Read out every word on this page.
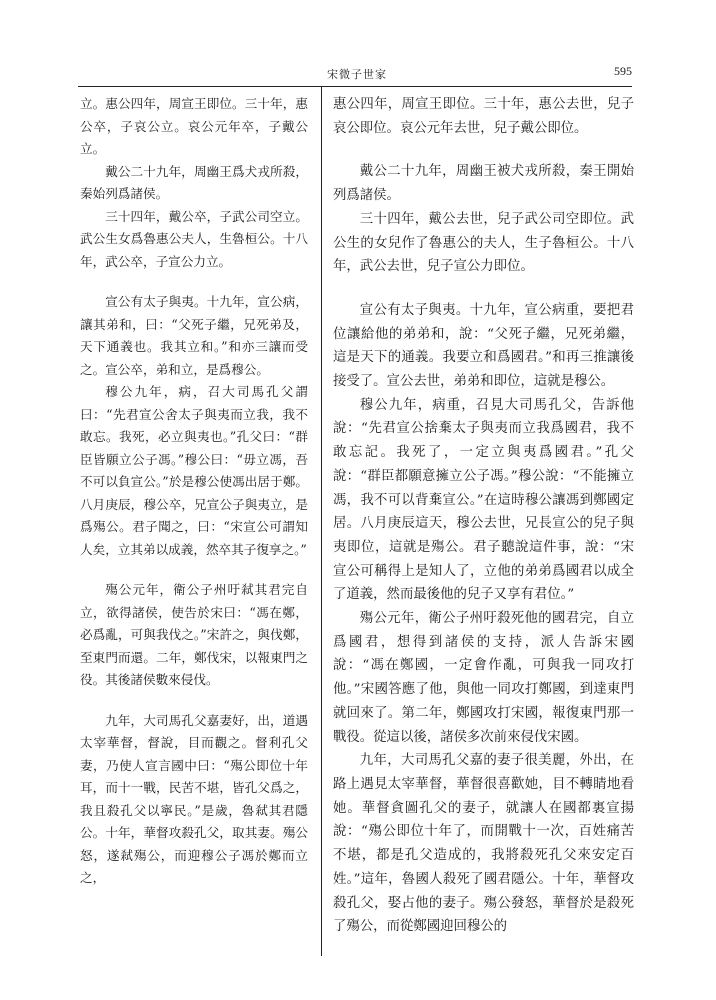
宋微子世家	595

立。惠公四年，周宣王即位。三十年，惠公卒，子哀公立。哀公元年卒，子戴公立。

戴公二十九年，周幽王爲犬戎所殺，秦始列爲諸侯。

三十四年，戴公卒，子武公司空立。武公生女爲魯惠公夫人，生魯桓公。十八年，武公卒，子宣公力立。

宣公有太子與夷。十九年，宣公病，讓其弟和，曰：“父死子繼，兄死弟及，天下通義也。我其立和。”和亦三讓而受之。宣公卒，弟和立，是爲穆公。

穆公九年，病，召大司馬孔父謂曰：“先君宣公舍太子與夷而立我，我不敢忘。我死，必立與夷也。”孔父曰：“群臣皆願立公子馮。”穆公曰：“毋立馮，吾不可以負宣公。”於是穆公使馮出居于鄭。八月庚辰，穆公卒，兄宣公子與夷立，是爲殤公。君子聞之，曰：“宋宣公可謂知人矣，立其弟以成義，然卒其子復享之。”

殤公元年，衛公子州吁弒其君完自立，欲得諸侯，使告於宋曰：“馮在鄭，必爲亂，可與我伐之。”宋許之，與伐鄭，至東門而還。二年，鄭伐宋，以報東門之役。其後諸侯數來侵伐。

九年，大司馬孔父嘉妻好，出，道遇太宰華督，督說，目而觀之。督利孔父妻，乃使人宣言國中曰：“殤公即位十年耳，而十一戰，民苦不堪，皆孔父爲之，我且殺孔父以寧民。”是歲，魯弒其君隱公。十年，華督攻殺孔父，取其妻。殤公怒，遂弒殤公，而迎穆公子馮於鄭而立之，

惠公四年，周宣王即位。三十年，惠公去世，兒子哀公即位。哀公元年去世，兒子戴公即位。

戴公二十九年，周幽王被犬戎所殺，秦王開始列爲諸侯。

三十四年，戴公去世，兒子武公司空即位。武公生的女兒作了魯惠公的夫人，生子魯桓公。十八年，武公去世，兒子宣公力即位。

宣公有太子與夷。十九年，宣公病重，要把君位讓給他的弟弟和，說：“父死子繼，兄死弟繼，這是天下的通義。我要立和爲國君。”和再三推讓後接受了。宣公去世，弟弟和即位，這就是穆公。

穆公九年，病重，召見大司馬孔父，告訴他說：“先君宣公捨棄太子與夷而立我爲國君，我不敢忘記。我死了，一定立與夷爲國君。”孔父說：“群臣都願意擁立公子馮。”穆公說：“不能擁立馮，我不可以背棄宣公。”在這時穆公讓馮到鄭國定居。八月庚辰這天，穆公去世，兄長宣公的兒子與夷即位，這就是殤公。君子聽說這件事，說：“宋宣公可稱得上是知人了，立他的弟弟爲國君以成全了道義，然而最後他的兒子又享有君位。”

殤公元年，衛公子州吁殺死他的國君完，自立爲國君，想得到諸侯的支持，派人告訴宋國說：“馮在鄭國，一定會作亂，可與我一同攻打他。”宋國答應了他，與他一同攻打鄭國，到達東門就回來了。第二年，鄭國攻打宋國，報復東門那一戰役。從這以後，諸侯多次前來侵伐宋國。

九年，大司馬孔父嘉的妻子很美麗，外出，在路上遇見太宰華督，華督很喜歡她，目不轉睛地看她。華督貪圖孔父的妻子，就讓人在國都裏宣揚說：“殤公即位十年了，而開戰十一次，百姓痛苦不堪，都是孔父造成的，我將殺死孔父來安定百姓。”這年，魯國人殺死了國君隱公。十年，華督攻殺孔父，娶占他的妻子。殤公發怒，華督於是殺死了殤公，而從鄭國迎回穆公的
